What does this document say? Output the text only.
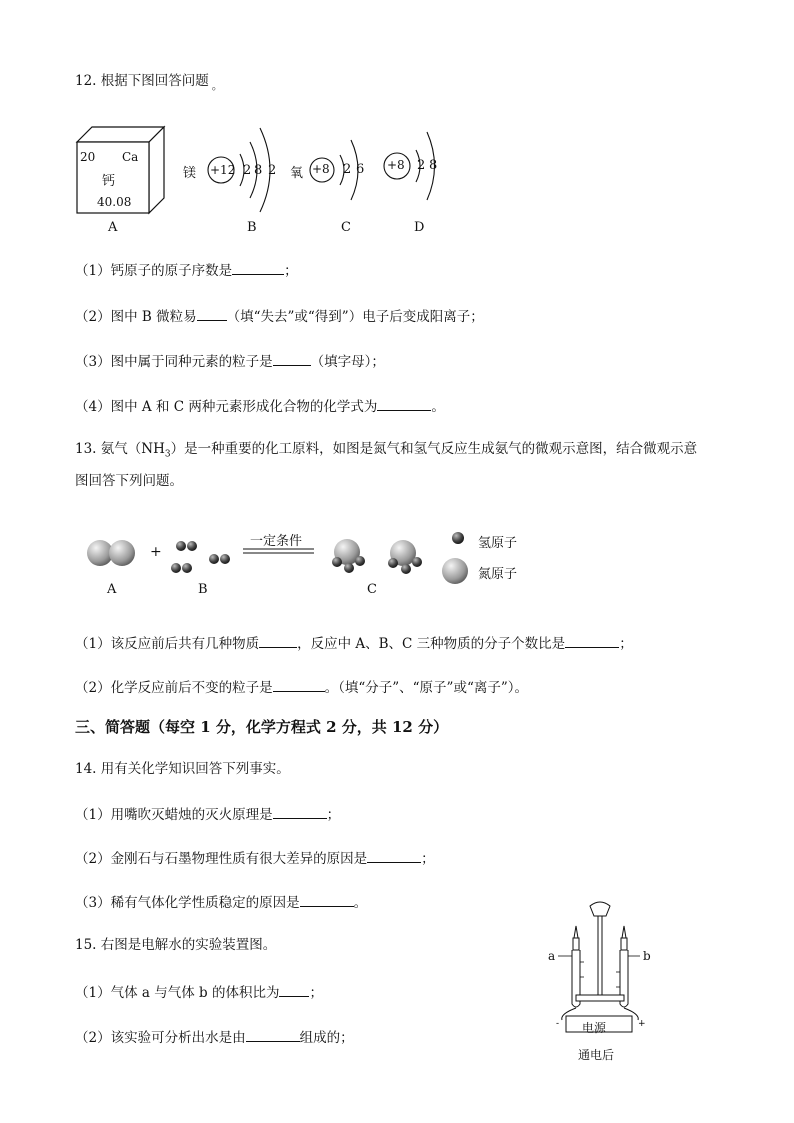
12. 根据下图回答问题 $_。$
20 Ca
钙
40.08
A
镁 +12 2 8 2
B
氧 +8 2 6
C
+8 2 8
D
（1）钙原子的原子序数是	；
（2）图中 B 微粒易 （填“失去”或“得到”）电子后变成阳离子；
（3）图中属于同种元素的粒子是	（填字母）；
（4）图中 A 和 C 两种元素形成化合物的化学式为	。
13. 氨气$(NH_3)$是一种重要的化工原料，如图是氮气和氢气反应生成氨气的微观示意图，结合微观示意
图回答下列问题。
+
一定条件	氢原子
氮原子
A	B	C
（1）该反应前后共有几种物质	，反应中 A、B、C 三种物质的分子个数比是	；
（2）化学反应前后不变的粒子是	。（填“分子”、“原子”或“离子”）。
三、简答题（每空 1 分，化学方程式 2 分，共 12 分）
14. 用有关化学知识回答下列事实。
（1）用嘴吹灭蜡烛的灭火原理是	；
（2）金刚石与石墨物理性质有很大差异的原因是	；
（3）稀有气体化学性质稳定的原因是	。
15. 右图是电解水的实验装置图。
（1）气体 a 与气体 b 的体积比为 ；
（2）该实验可分析出水是由	组成的；
-	+
a	b
电源
通电后
